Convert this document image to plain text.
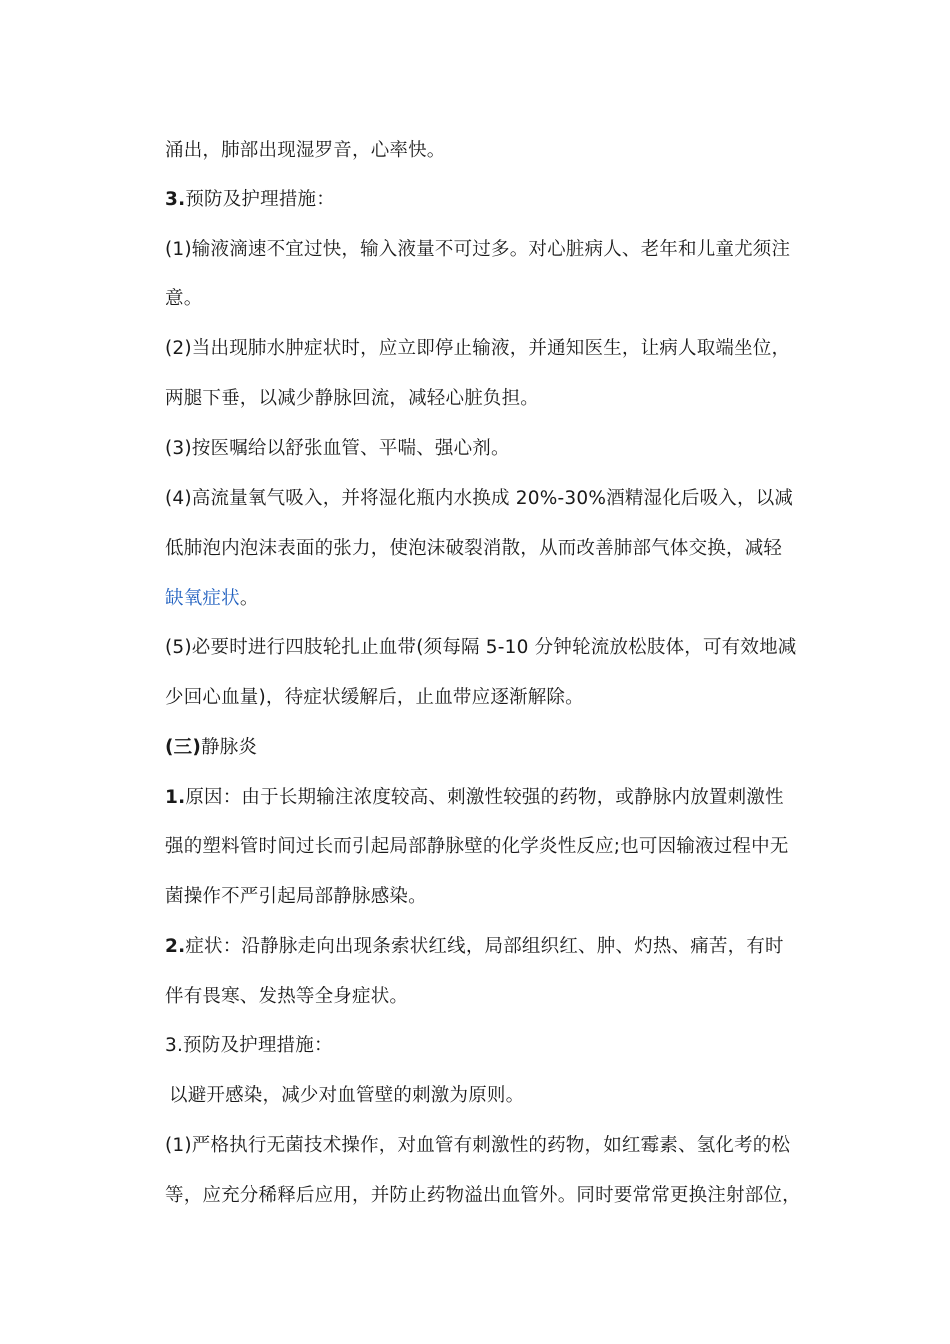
涌出，肺部出现湿罗音，心率快。
3.预防及护理措施：
(1)输液滴速不宜过快，输入液量不可过多。对心脏病人、老年和儿童尤须注
意。
(2)当出现肺水肿症状时，应立即停止输液，并通知医生，让病人取端坐位，
两腿下垂，以减少静脉回流，减轻心脏负担。
(3)按医嘱给以舒张血管、平喘、强心剂。
(4)高流量氧气吸入，并将湿化瓶内水换成 20%-30%酒精湿化后吸入，以减
低肺泡内泡沫表面的张力，使泡沫破裂消散，从而改善肺部气体交换，减轻
缺氧症状。
(5)必要时进行四肢轮扎止血带(须每隔 5-10 分钟轮流放松肢体，可有效地减
少回心血量)，待症状缓解后，止血带应逐渐解除。
(三)静脉炎
1.原因：由于长期输注浓度较高、刺激性较强的药物，或静脉内放置刺激性
强的塑料管时间过长而引起局部静脉壁的化学炎性反应;也可因输液过程中无
菌操作不严引起局部静脉感染。
2.症状：沿静脉走向出现条索状红线，局部组织红、肿、灼热、痛苦，有时
伴有畏寒、发热等全身症状。
3.预防及护理措施：
以避开感染，减少对血管壁的刺激为原则。
(1)严格执行无菌技术操作，对血管有刺激性的药物，如红霉素、氢化考的松
等，应充分稀释后应用，并防止药物溢出血管外。同时要常常更换注射部位，
